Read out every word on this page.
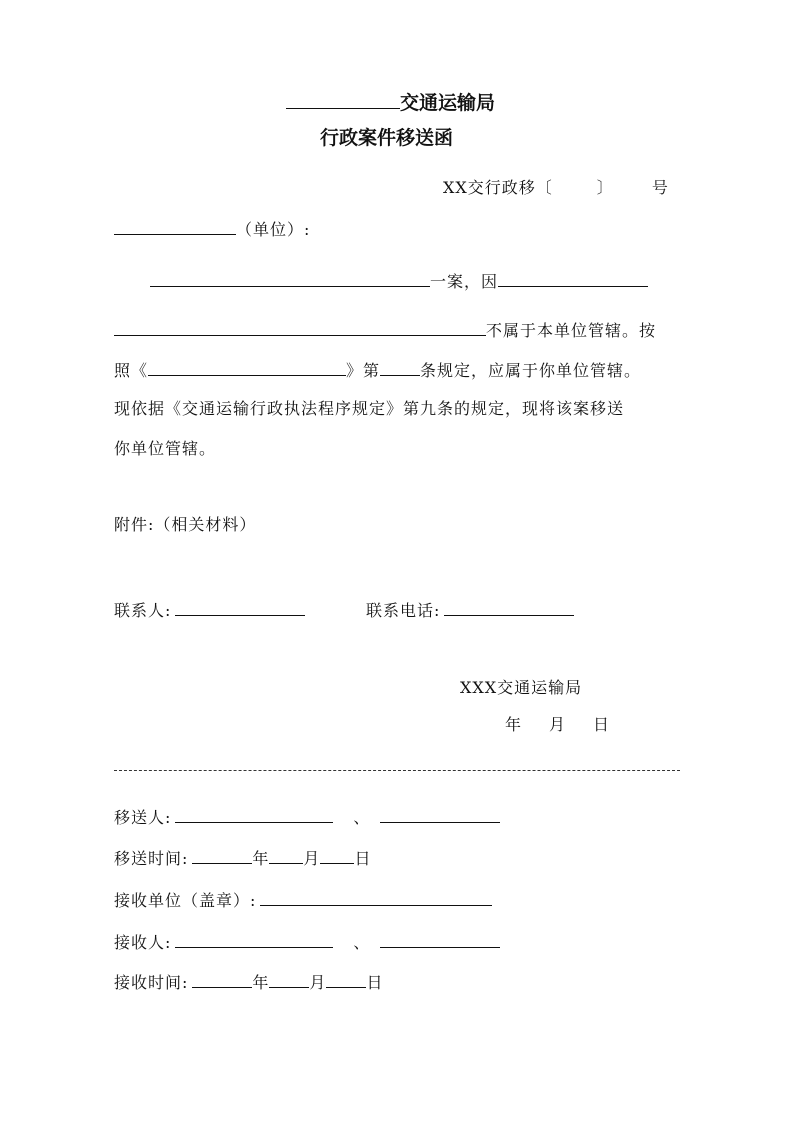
交通运输局
行政案件移送函
XX交行政移〔	〕 号
（单位）:
一案，因
不属于本单位管辖。按
照《	》第	条规定，应属于你单位管辖。
现依据《交通运输行政执法程序规定》第九条的规定，现将该案移送
你单位管辖。
附件:（相关材料）
联系人:	联系电话:
XXX交通运输局
年　月　日
移送人:	、
移送时间:	年 月 日
接收单位（盖章）:
接收人:	、
接收时间:	年	月	日
